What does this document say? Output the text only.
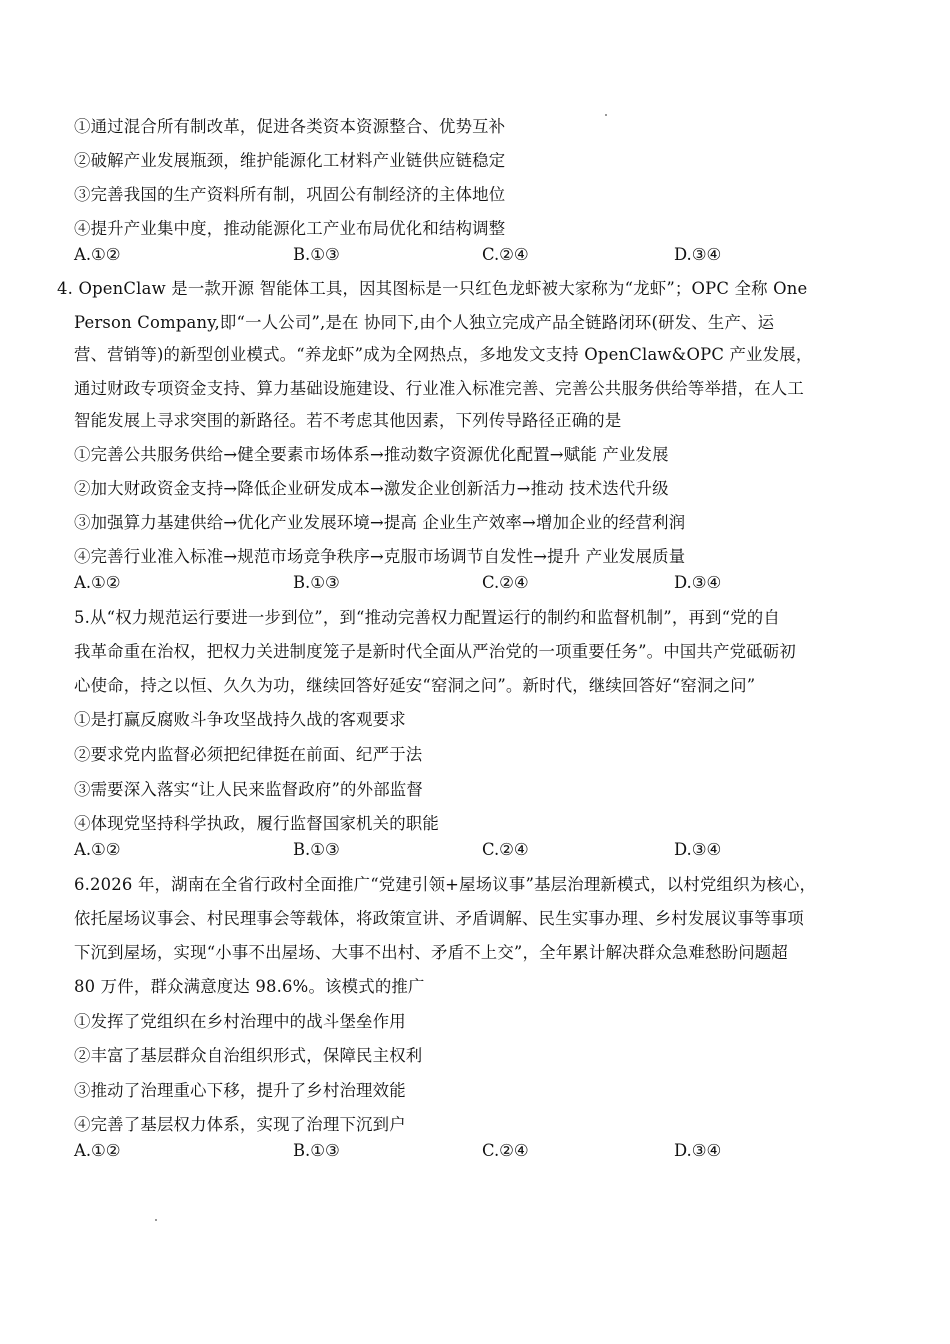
①通过混合所有制改革，促进各类资本资源整合、优势互补
②破解产业发展瓶颈，维护能源化工材料产业链供应链稳定
③完善我国的生产资料所有制，巩固公有制经济的主体地位
④提升产业集中度，推动能源化工产业布局优化和结构调整
A.①②	B.①③	C.②④	D.③④
4. OpenClaw 是一款开源 智能体工具，因其图标是一只红色龙虾被大家称为“龙虾”；OPC 全称 One
Person Company,即“一人公司”,是在 协同下,由个人独立完成产品全链路闭环(研发、生产、运
营、营销等)的新型创业模式。“养龙虾”成为全网热点，多地发文支持 OpenClaw&OPC 产业发展，
通过财政专项资金支持、算力基础设施建设、行业准入标准完善、完善公共服务供给等举措，在人工
智能发展上寻求突围的新路径。若不考虑其他因素，下列传导路径正确的是
①完善公共服务供给→健全要素市场体系→推动数字资源优化配置→赋能 产业发展
②加大财政资金支持→降低企业研发成本→激发企业创新活力→推动 技术迭代升级
③加强算力基建供给→优化产业发展环境→提高 企业生产效率→增加企业的经营利润
④完善行业准入标准→规范市场竞争秩序→克服市场调节自发性→提升 产业发展质量
A.①②	B.①③	C.②④	D.③④
5.从“权力规范运行要进一步到位”，到“推动完善权力配置运行的制约和监督机制”，再到“党的自
我革命重在治权，把权力关进制度笼子是新时代全面从严治党的一项重要任务”。中国共产党砥砺初
心使命，持之以恒、久久为功，继续回答好延安“窑洞之问”。新时代，继续回答好“窑洞之问”
①是打赢反腐败斗争攻坚战持久战的客观要求
②要求党内监督必须把纪律挺在前面、纪严于法
③需要深入落实“让人民来监督政府”的外部监督
④体现党坚持科学执政，履行监督国家机关的职能
A.①②	B.①③	C.②④	D.③④
6.2026 年，湖南在全省行政村全面推广“党建引领+屋场议事”基层治理新模式，以村党组织为核心，
依托屋场议事会、村民理事会等载体，将政策宣讲、矛盾调解、民生实事办理、乡村发展议事等事项
下沉到屋场，实现“小事不出屋场、大事不出村、矛盾不上交”，全年累计解决群众急难愁盼问题超
80 万件，群众满意度达 98.6%。该模式的推广
①发挥了党组织在乡村治理中的战斗堡垒作用
②丰富了基层群众自治组织形式，保障民主权利
③推动了治理重心下移，提升了乡村治理效能
④完善了基层权力体系，实现了治理下沉到户
A.①②	B.①③	C.②④	D.③④
